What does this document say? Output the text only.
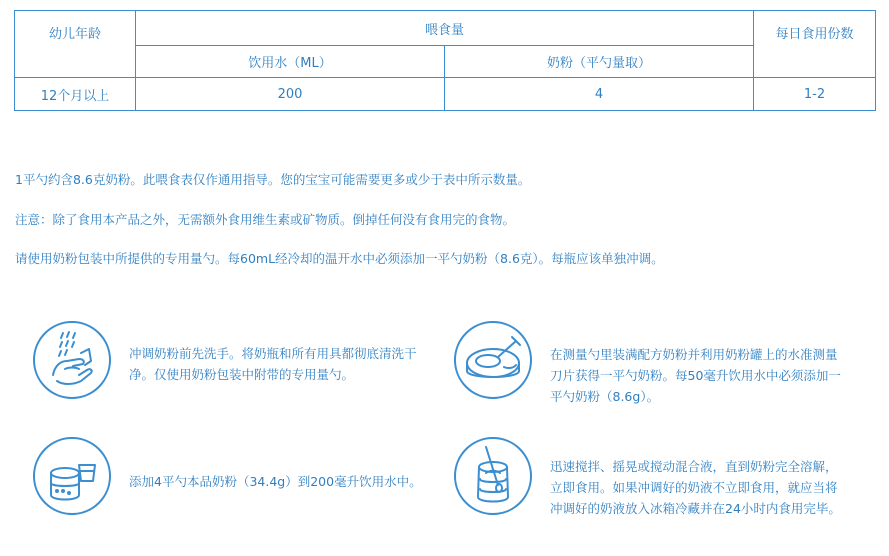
幼儿年龄	喂食量		每日食用份数
	饮用水（ML）	奶粉（平勺量取）	
12个月以上	200	4	1-2
1平勺约含8.6克奶粉。此喂食表仅作通用指导。您的宝宝可能需要更多或少于表中所示数量。
注意：除了食用本产品之外，无需额外食用维生素或矿物质。倒掉任何没有食用完的食物。
请使用奶粉包装中所提供的专用量勺。每60mL经冷却的温开水中必须添加一平勺奶粉（8.6克）。每瓶应该单独冲调。
冲调奶粉前先洗手。将奶瓶和所有用具都彻底清洗干净。仅使用奶粉包装中附带的专用量勺。
在测量勺里装满配方奶粉并利用奶粉罐上的水准测量刀片获得一平勺奶粉。每50毫升饮用水中必须添加一平勺奶粉（8.6g）。
添加4平勺本品奶粉（34.4g）到200毫升饮用水中。
迅速搅拌、摇晃或搅动混合液，直到奶粉完全溶解，立即食用。如果冲调好的奶液不立即食用，就应当将冲调好的奶液放入冰箱冷藏并在24小时内食用完毕。
